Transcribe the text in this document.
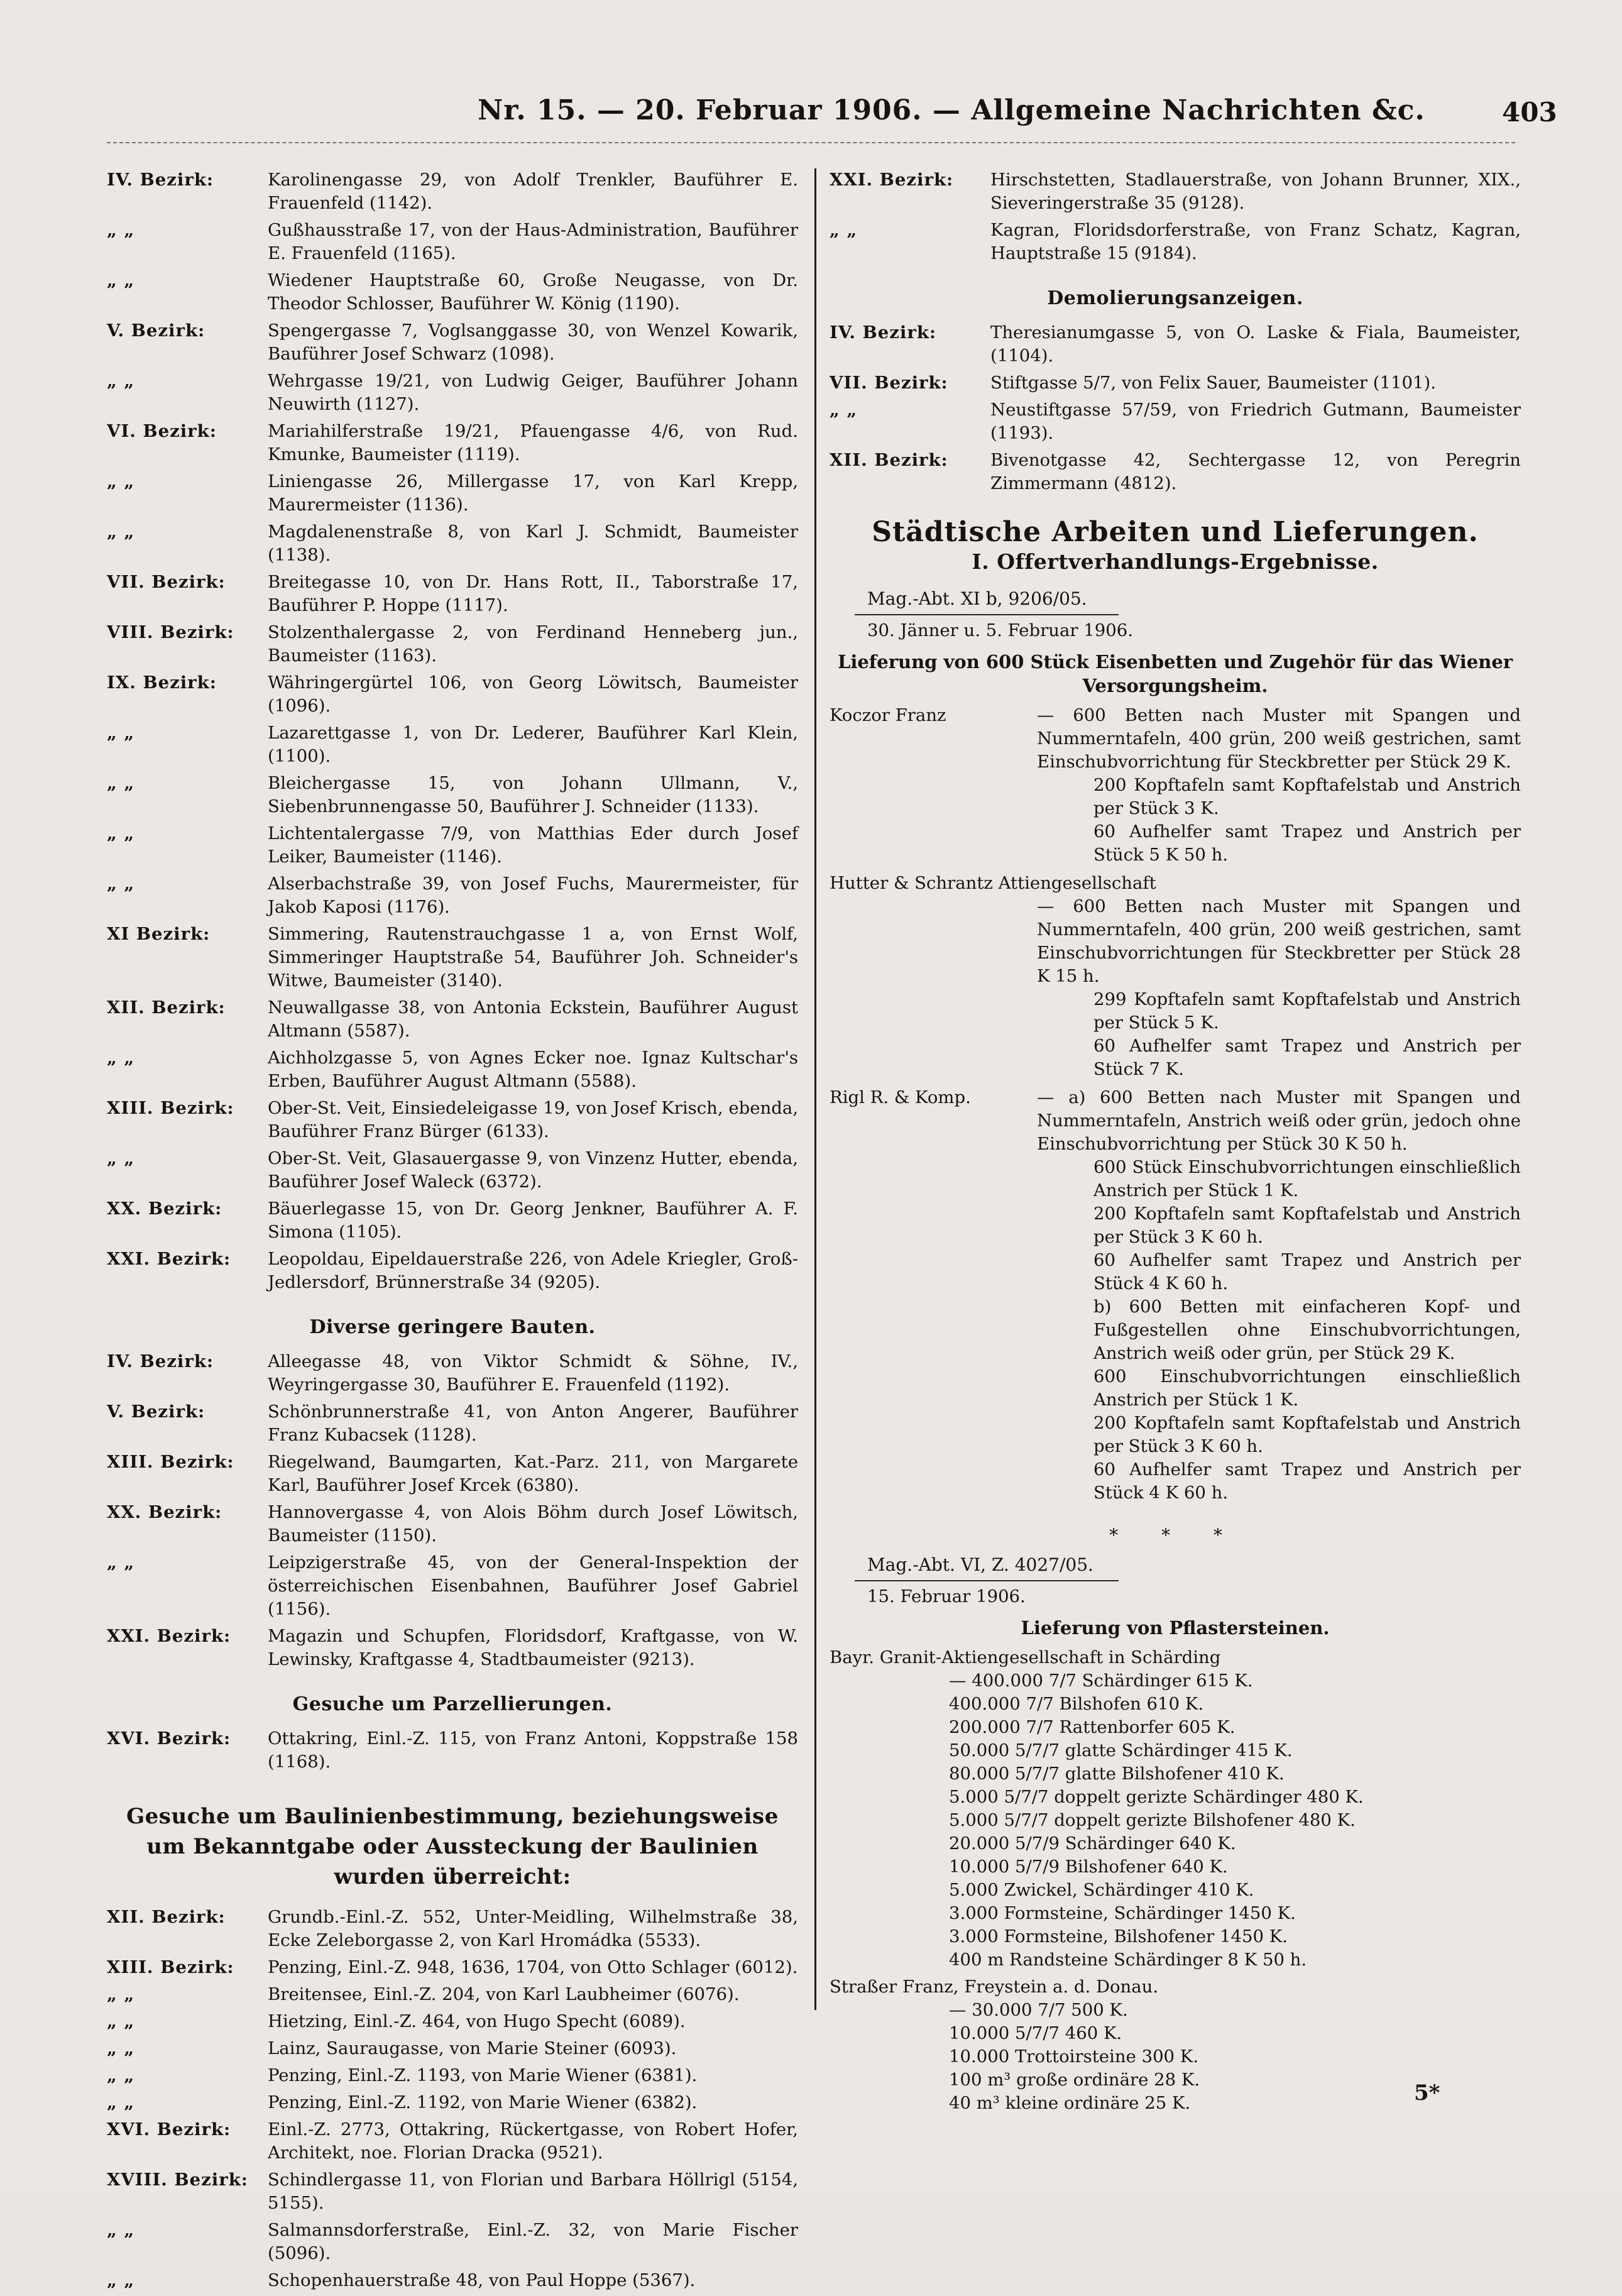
Nr. 15. — 20. Februar 1906. — Allgemeine Nachrichten &c.	403
IV. Bezirk:	Karolinengasse 29, von Adolf Trenkler, Bauführer E. Frauenfeld (1142).
„ „	Gußhausstraße 17, von der Haus-Administration, Bauführer E. Frauenfeld (1165).
„ „	Wiedener Hauptstraße 60, Große Neugasse, von Dr. Theodor Schlosser, Bauführer W. König (1190).
V. Bezirk:	Spengergasse 7, Voglsanggasse 30, von Wenzel Kowarik, Bauführer Josef Schwarz (1098).
„ „	Wehrgasse 19/21, von Ludwig Geiger, Bauführer Johann Neuwirth (1127).
VI. Bezirk:	Mariahilferstraße 19/21, Pfauengasse 4/6, von Rud. Kmunke, Baumeister (1119).
„ „	Liniengasse 26, Millergasse 17, von Karl Krepp, Maurermeister (1136).
„ „	Magdalenenstraße 8, von Karl J. Schmidt, Baumeister (1138).
VII. Bezirk:	Breitegasse 10, von Dr. Hans Rott, II., Taborstraße 17, Bauführer P. Hoppe (1117).
VIII. Bezirk:	Stolzenthalergasse 2, von Ferdinand Henneberg jun., Baumeister (1163).
IX. Bezirk:	Währingergürtel 106, von Georg Löwitsch, Baumeister (1096).
„ „	Lazarettgasse 1, von Dr. Lederer, Bauführer Karl Klein, (1100).
„ „	Bleichergasse 15, von Johann Ullmann, V., Siebenbrunnengasse 50, Bauführer J. Schneider (1133).
„ „	Lichtentalergasse 7/9, von Matthias Eder durch Josef Leiker, Baumeister (1146).
„ „	Alserbachstraße 39, von Josef Fuchs, Maurermeister, für Jakob Kaposi (1176).
XI Bezirk:	Simmering, Rautenstrauchgasse 1 a, von Ernst Wolf, Simmeringer Hauptstraße 54, Bauführer Joh. Schneider's Witwe, Baumeister (3140).
XII. Bezirk:	Neuwallgasse 38, von Antonia Eckstein, Bauführer August Altmann (5587).
„ „	Aichholzgasse 5, von Agnes Ecker noe. Ignaz Kultschar's Erben, Bauführer August Altmann (5588).
XIII. Bezirk:	Ober-St. Veit, Einsiedeleigasse 19, von Josef Krisch, ebenda, Bauführer Franz Bürger (6133).
„ „	Ober-St. Veit, Glasauergasse 9, von Vinzenz Hutter, ebenda, Bauführer Josef Waleck (6372).
XX. Bezirk:	Bäuerlegasse 15, von Dr. Georg Jenkner, Bauführer A. F. Simona (1105).
XXI. Bezirk:	Leopoldau, Eipeldauerstraße 226, von Adele Kriegler, Groß-Jedlersdorf, Brünnerstraße 34 (9205).
Diverse geringere Bauten.
IV. Bezirk:	Alleegasse 48, von Viktor Schmidt & Söhne, IV., Weyringergasse 30, Bauführer E. Frauenfeld (1192).
V. Bezirk:	Schönbrunnerstraße 41, von Anton Angerer, Bauführer Franz Kubacsek (1128).
XIII. Bezirk:	Riegelwand, Baumgarten, Kat.-Parz. 211, von Margarete Karl, Bauführer Josef Krcek (6380).
XX. Bezirk:	Hannovergasse 4, von Alois Böhm durch Josef Löwitsch, Baumeister (1150).
„ „	Leipzigerstraße 45, von der General-Inspektion der österreichischen Eisenbahnen, Bauführer Josef Gabriel (1156).
XXI. Bezirk:	Magazin und Schupfen, Floridsdorf, Kraftgasse, von W. Lewinsky, Kraftgasse 4, Stadtbaumeister (9213).
Gesuche um Parzellierungen.
XVI. Bezirk:	Ottakring, Einl.-Z. 115, von Franz Antoni, Koppstraße 158 (1168).
Gesuche um Baulinienbestimmung, beziehungsweise um Bekanntgabe oder Aussteckung der Baulinien wurden überreicht:
XII. Bezirk:	Grundb.-Einl.-Z. 552, Unter-Meidling, Wilhelmstraße 38, Ecke Zeleborgasse 2, von Karl Hromádka (5533).
XIII. Bezirk:	Penzing, Einl.-Z. 948, 1636, 1704, von Otto Schlager (6012).
„ „	Breitensee, Einl.-Z. 204, von Karl Laubheimer (6076).
„ „	Hietzing, Einl.-Z. 464, von Hugo Specht (6089).
„ „	Lainz, Sauraugasse, von Marie Steiner (6093).
„ „	Penzing, Einl.-Z. 1193, von Marie Wiener (6381).
„ „	Penzing, Einl.-Z. 1192, von Marie Wiener (6382).
XVI. Bezirk:	Einl.-Z. 2773, Ottakring, Rückertgasse, von Robert Hofer, Architekt, noe. Florian Dracka (9521).
XVIII. Bezirk:	Schindlergasse 11, von Florian und Barbara Höllrigl (5154, 5155).
„ „	Salmannsdorferstraße, Einl.-Z. 32, von Marie Fischer (5096).
„ „	Schopenhauerstraße 48, von Paul Hoppe (5367).
XXI. Bezirk:	Hirschstetten, Stadlauerstraße, von Johann Brunner, XIX., Sieveringerstraße 35 (9128).
„ „	Kagran, Floridsdorferstraße, von Franz Schatz, Kagran, Hauptstraße 15 (9184).
Demolierungsanzeigen.
IV. Bezirk:	Theresianumgasse 5, von O. Laske & Fiala, Baumeister, (1104).
VII. Bezirk:	Stiftgasse 5/7, von Felix Sauer, Baumeister (1101).
„ „	Neustiftgasse 57/59, von Friedrich Gutmann, Baumeister (1193).
XII. Bezirk:	Bivenotgasse 42, Sechtergasse 12, von Peregrin Zimmermann (4812).
Städtische Arbeiten und Lieferungen.
I. Offertverhandlungs-Ergebnisse.
Mag.-Abt. XI b, 9206/05.
30. Jänner u. 5. Februar 1906.
Lieferung von 600 Stück Eisenbetten und Zugehör für das Wiener Versorgungsheim.
Koczor Franz	— 600 Betten nach Muster mit Spangen und Nummerntafeln, 400 grün, 200 weiß gestrichen, samt Einschubvorrichtung für Steckbretter per Stück 29 K.
200 Kopftafeln samt Kopftafelstab und Anstrich per Stück 3 K.
60 Aufhelfer samt Trapez und Anstrich per Stück 5 K 50 h.
Hutter & Schrantz Attiengesellschaft
— 600 Betten nach Muster mit Spangen und Nummerntafeln, 400 grün, 200 weiß gestrichen, samt Einschubvorrichtungen für Steckbretter per Stück 28 K 15 h.
299 Kopftafeln samt Kopftafelstab und Anstrich per Stück 5 K.
60 Aufhelfer samt Trapez und Anstrich per Stück 7 K.
Rigl R. & Komp.	— a) 600 Betten nach Muster mit Spangen und Nummerntafeln, Anstrich weiß oder grün, jedoch ohne Einschubvorrichtung per Stück 30 K 50 h.
600 Stück Einschubvorrichtungen einschließlich Anstrich per Stück 1 K.
200 Kopftafeln samt Kopftafelstab und Anstrich per Stück 3 K 60 h.
60 Aufhelfer samt Trapez und Anstrich per Stück 4 K 60 h.
b) 600 Betten mit einfacheren Kopf- und Fußgestellen ohne Einschubvorrichtungen, Anstrich weiß oder grün, per Stück 29 K.
600 Einschubvorrichtungen einschließlich Anstrich per Stück 1 K.
200 Kopftafeln samt Kopftafelstab und Anstrich per Stück 3 K 60 h.
60 Aufhelfer samt Trapez und Anstrich per Stück 4 K 60 h.
* * *
Mag.-Abt. VI, Z. 4027/05.
15. Februar 1906.
Lieferung von Pflastersteinen.
Bayr. Granit-Aktiengesellschaft in Schärding
— 400.000 7/7 Schärdinger 615 K.
400.000 7/7 Bilshofen 610 K.
200.000 7/7 Rattenborfer 605 K.
50.000 5/7/7 glatte Schärdinger 415 K.
80.000 5/7/7 glatte Bilshofener 410 K.
5.000 5/7/7 doppelt gerizte Schärdinger 480 K.
5.000 5/7/7 doppelt gerizte Bilshofener 480 K.
20.000 5/7/9 Schärdinger 640 K.
10.000 5/7/9 Bilshofener 640 K.
5.000 Zwickel, Schärdinger 410 K.
3.000 Formsteine, Schärdinger 1450 K.
3.000 Formsteine, Bilshofener 1450 K.
400 m Randsteine Schärdinger 8 K 50 h.
Straßer Franz, Freystein a. d. Donau.
— 30.000 7/7 500 K.
10.000 5/7/7 460 K.
10.000 Trottoirsteine 300 K.
100 m³ große ordinäre 28 K.
40 m³ kleine ordinäre 25 K.	5*
